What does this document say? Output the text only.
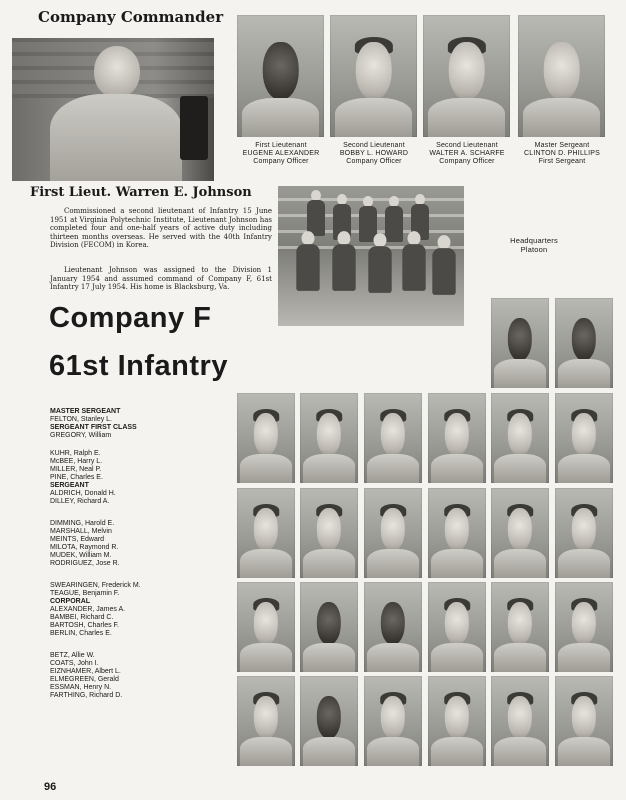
Company Commander
First Lieutenant
EUGENE ALEXANDER
Company Officer
Second Lieutenant
BOBBY L. HOWARD
Company Officer
Second Lieutenant
WALTER A. SCHARFE
Company Officer
Master Sergeant
CLINTON D. PHILLIPS
First Sergeant
First Lieut. Warren E. Johnson
Commissioned a second lieutenant of Infantry 15 June 1951 at Virginia Polytechnic Institute, Lieutenant Johnson has completed four and one-half years of active duty including thirteen months overseas. He served with the 40th Infantry Division (FECOM) in Korea.
Lieutenant Johnson was assigned to the Division 1 January 1954 and assumed command of Company F, 61st Infantry 17 July 1954. His home is Blacksburg, Va.
Headquarters
Platoon
Company F
61st Infantry
MASTER SERGEANT
FELTON, Stanley L.
SERGEANT FIRST CLASS
GREGORY, William
KUHR, Ralph E.
McBEE, Harry L.
MILLER, Neal P.
PINE, Charles E.
SERGEANT
ALDRICH, Donald H.
DILLEY, Richard A.
DIMMING, Harold E.
MARSHALL, Melvin
MEINTS, Edward
MILOTA, Raymond R.
MUDEK, William M.
RODRIGUEZ, Jose R.
SWEARINGEN, Frederick M.
TEAGUE, Benjamin F.
CORPORAL
ALEXANDER, James A.
BAMBEI, Richard C.
BARTOSH, Charles F.
BERLIN, Charles E.
BETZ, Allie W.
COATS, John I.
EIZNHAMER, Albert L.
ELMEGREEN, Gerald
ESSMAN, Henry N.
FARTHING, Richard D.
96
